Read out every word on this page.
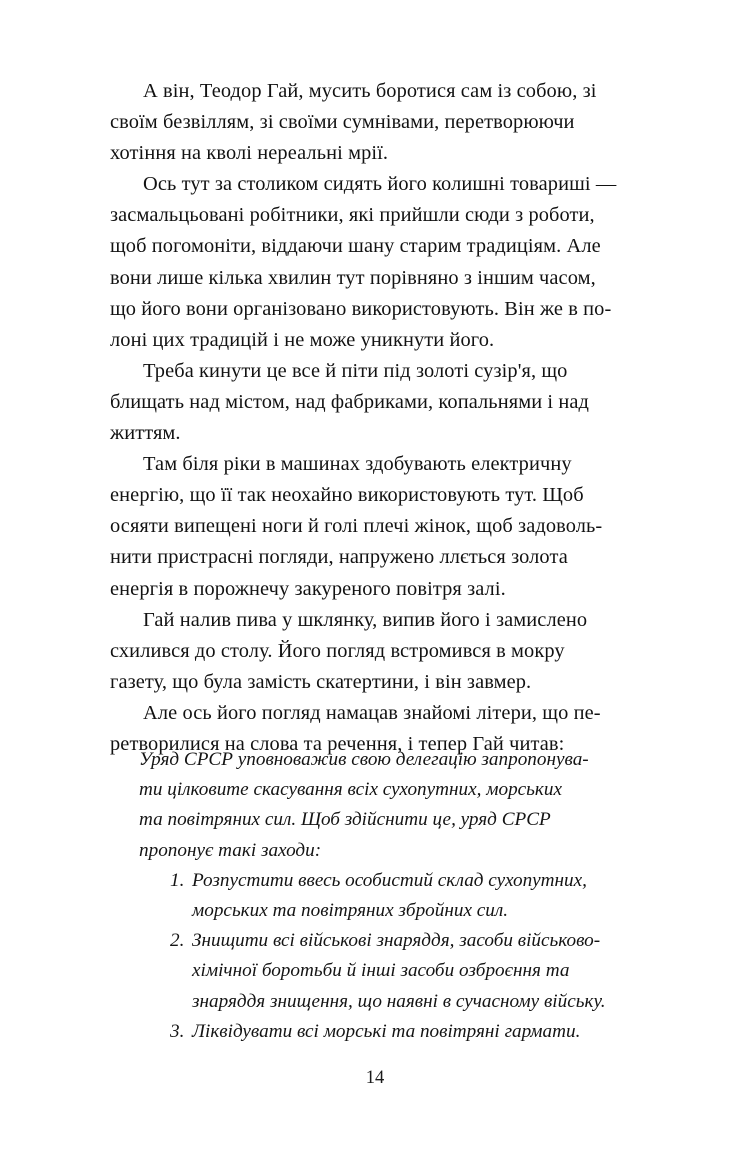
А він, Теодор Гай, мусить боротися сам із собою, зі
своїм безвіллям, зі своїми сумнівами, перетворюючи
хотіння на кволі нереальні мрії.

Ось тут за столиком сидять його колишні товариші —
засмальцьовані робітники, які прийшли сюди з роботи,
щоб погомоніти, віддаючи шану старим традиціям. Але
вони лише кілька хвилин тут порівняно з іншим часом,
що його вони організовано використовують. Він же в по-
лоні цих традицій і не може уникнути його.

Треба кинути це все й піти під золоті сузір'я, що
блищать над містом, над фабриками, копальнями і над
життям.

Там біля ріки в машинах здобувають електричну
енергію, що її так неохайно використовують тут. Щоб
осяяти випещені ноги й голі плечі жінок, щоб задоволь-
нити пристрасні погляди, напружено ллється золота
енергія в порожнечу закуреного повітря залі.

Гай налив пива у шклянку, випив його і замислено
схилився до столу. Його погляд встромився в мокру
газету, що була замість скатертини, і він завмер.

Але ось його погляд намацав знайомі літери, що пе-
ретворилися на слова та речення, і тепер Гай читав:

Уряд СРСР уповноважив свою делегацію запропонува-
ти цілковите скасування всіх сухопутних, морських
та повітряних сил. Щоб здійснити це, уряд СРСР
пропонує такі заходи:
1. Розпустити ввесь особистий склад сухопутних,
морських та повітряних збройних сил.
2. Знищити всі військові знаряддя, засоби військово-
хімічної боротьби й інші засоби озброєння та
знаряддя знищення, що наявні в сучасному війську.
3. Ліквідувати всі морські та повітряні гармати.
14
